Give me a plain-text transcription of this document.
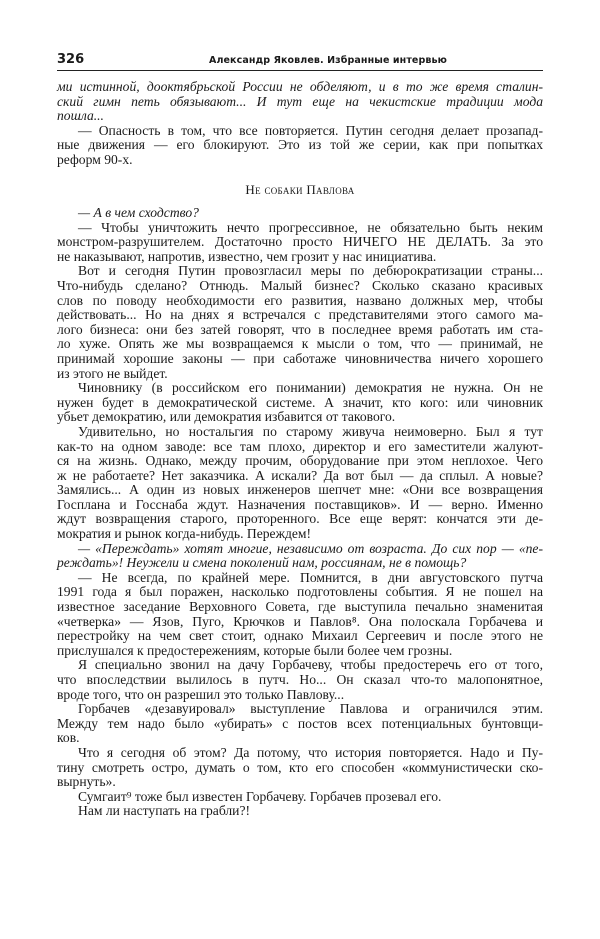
326	Александр Яковлев. Избранные интервью
ми истинной, дооктябрьской России не обделяют, и в то же время сталин-
ский гимн петь обязывают... И тут еще на чекистские традиции мода
пошла...
— Опасность в том, что все повторяется. Путин сегодня делает прозапад-
ные движения — его блокируют. Это из той же серии, как при попытках
реформ 90-х.
Не собаки Павлова
— А в чем сходство?
— Чтобы уничтожить нечто прогрессивное, не обязательно быть неким
монстром-разрушителем. Достаточно просто НИЧЕГО НЕ ДЕЛАТЬ. За это
не наказывают, напротив, известно, чем грозит у нас инициатива.
Вот и сегодня Путин провозгласил меры по дебюрократизации страны...
Что-нибудь сделано? Отнюдь. Малый бизнес? Сколько сказано красивых
слов по поводу необходимости его развития, названо должных мер, чтобы
действовать... Но на днях я встречался с представителями этого самого ма-
лого бизнеса: они без затей говорят, что в последнее время работать им ста-
ло хуже. Опять же мы возвращаемся к мысли о том, что — принимай, не
принимай хорошие законы — при саботаже чиновничества ничего хорошего
из этого не выйдет.
Чиновнику (в российском его понимании) демократия не нужна. Он не
нужен будет в демократической системе. А значит, кто кого: или чиновник
убьет демократию, или демократия избавится от такового.
Удивительно, но ностальгия по старому живуча неимоверно. Был я тут
как-то на одном заводе: все там плохо, директор и его заместители жалуют-
ся на жизнь. Однако, между прочим, оборудование при этом неплохое. Чего
ж не работаете? Нет заказчика. А искали? Да вот был — да сплыл. А новые?
Замялись... А один из новых инженеров шепчет мне: «Они все возвращения
Госплана и Госснаба ждут. Назначения поставщиков». И — верно. Именно
ждут возвращения старого, проторенного. Все еще верят: кончатся эти де-
мократия и рынок когда-нибудь. Переждем!
— «Переждать» хотят многие, независимо от возраста. До сих пор — «пе-
реждать»! Неужели и смена поколений нам, россиянам, не в помощь?
— Не всегда, по крайней мере. Помнится, в дни августовского путча
1991 года я был поражен, насколько подготовлены события. Я не пошел на
известное заседание Верховного Совета, где выступила печально знаменитая
«четверка» — Язов, Пуго, Крючков и Павлов⁸. Она полоскала Горбачева и
перестройку на чем свет стоит, однако Михаил Сергеевич и после этого не
прислушался к предостережениям, которые были более чем грозны.
Я специально звонил на дачу Горбачеву, чтобы предостеречь его от того,
что впоследствии вылилось в путч. Но... Он сказал что-то малопонятное,
вроде того, что он разрешил это только Павлову...
Горбачев «дезавуировал» выступление Павлова и ограничился этим.
Между тем надо было «убирать» с постов всех потенциальных бунтовщи-
ков.
Что я сегодня об этом? Да потому, что история повторяется. Надо и Пу-
тину смотреть остро, думать о том, кто его способен «коммунистически ско-
вырнуть».
Сумгаит⁹ тоже был известен Горбачеву. Горбачев прозевал его.
Нам ли наступать на грабли?!
